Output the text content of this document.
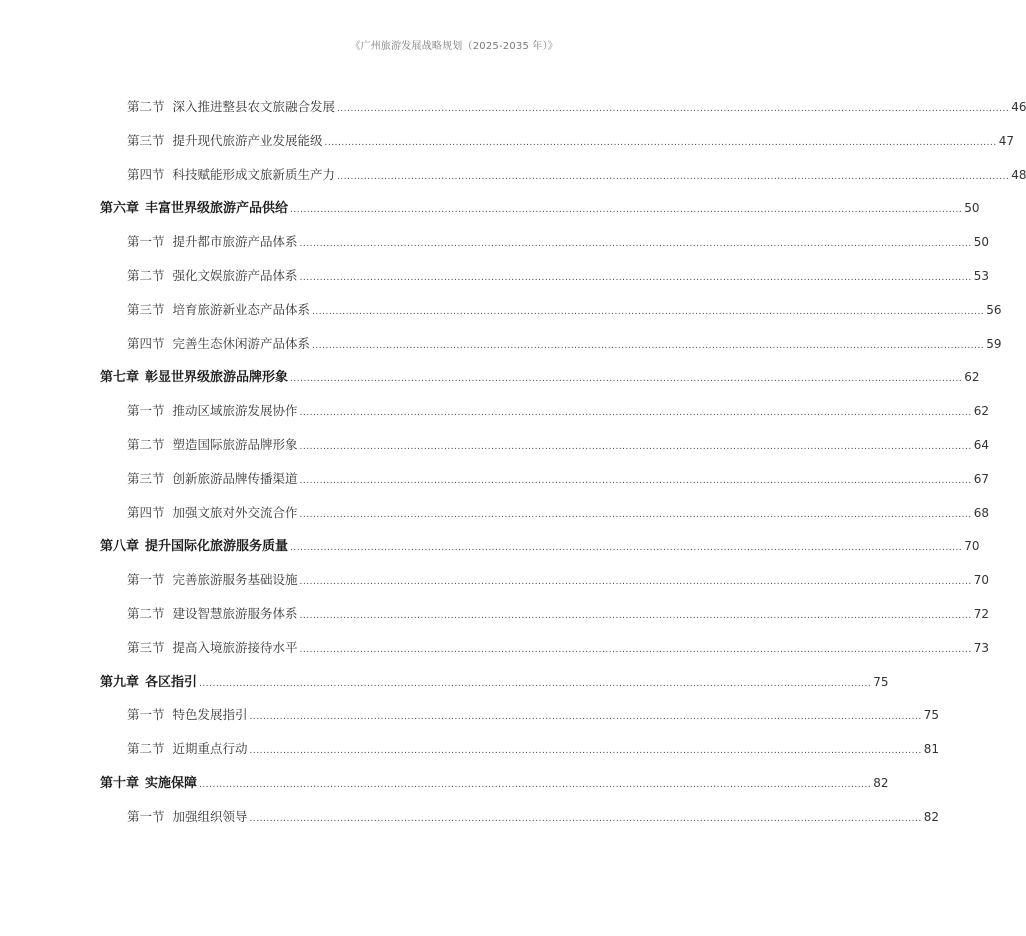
《广州旅游发展战略规划（2025-2035 年）》
第二节 深入推进整县农文旅融合发展 ........................................................................................................................................................................................................ 46
第三节 提升现代旅游产业发展能级 ........................................................................................................................................................................................................ 47
第四节 科技赋能形成文旅新质生产力 ........................................................................................................................................................................................................ 48
第六章 丰富世界级旅游产品供给 ........................................................................................................................................................................................................ 50
第一节 提升都市旅游产品体系 ........................................................................................................................................................................................................ 50
第二节 强化文娱旅游产品体系 ........................................................................................................................................................................................................ 53
第三节 培育旅游新业态产品体系 ........................................................................................................................................................................................................ 56
第四节 完善生态休闲游产品体系 ........................................................................................................................................................................................................ 59
第七章 彰显世界级旅游品牌形象 ........................................................................................................................................................................................................ 62
第一节 推动区域旅游发展协作 ........................................................................................................................................................................................................ 62
第二节 塑造国际旅游品牌形象 ........................................................................................................................................................................................................ 64
第三节 创新旅游品牌传播渠道 ........................................................................................................................................................................................................ 67
第四节 加强文旅对外交流合作 ........................................................................................................................................................................................................ 68
第八章 提升国际化旅游服务质量 ........................................................................................................................................................................................................ 70
第一节 完善旅游服务基础设施 ........................................................................................................................................................................................................ 70
第二节 建设智慧旅游服务体系 ........................................................................................................................................................................................................ 72
第三节 提高入境旅游接待水平 ........................................................................................................................................................................................................ 73
第九章 各区指引 ........................................................................................................................................................................................................ 75
第一节 特色发展指引 ........................................................................................................................................................................................................ 75
第二节 近期重点行动 ........................................................................................................................................................................................................ 81
第十章 实施保障 ........................................................................................................................................................................................................ 82
第一节 加强组织领导 ........................................................................................................................................................................................................ 82
